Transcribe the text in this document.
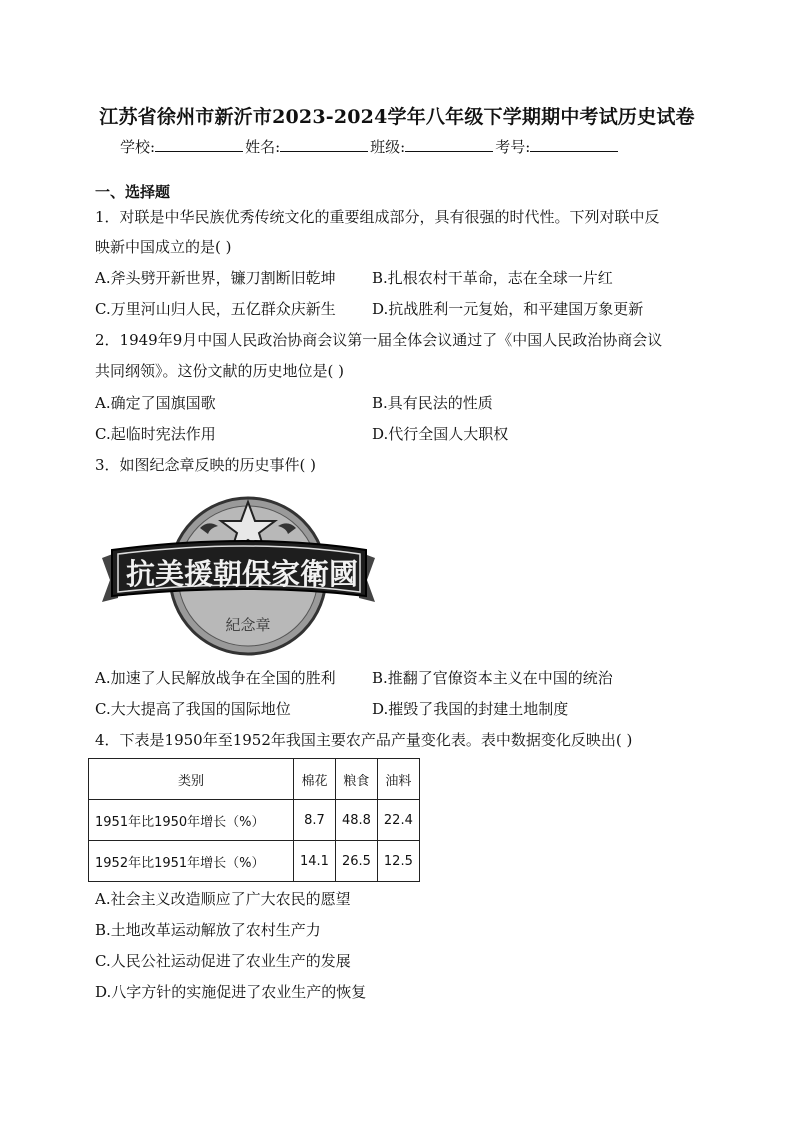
江苏省徐州市新沂市2023-2024学年八年级下学期期中考试历史试卷
学校:	姓名:	班级:	考号:
一、选择题
1．对联是中华民族优秀传统文化的重要组成部分，具有很强的时代性。下列对联中反
映新中国成立的是( )
A.斧头劈开新世界，镰刀割断旧乾坤 B.扎根农村干革命，志在全球一片红
C.万里河山归人民，五亿群众庆新生 D.抗战胜利一元复始，和平建国万象更新
2．1949年9月中国人民政治协商会议第一届全体会议通过了《中国人民政治协商会议
共同纲领》。这份文献的历史地位是( )
A.确定了国旗国歌	B.具有民法的性质
C.起临时宪法作用	D.代行全国人大职权
3．如图纪念章反映的历史事件( )
抗美援朝保家衛國
紀念章
A.加速了人民解放战争在全国的胜利 B.推翻了官僚资本主义在中国的统治
C.大大提高了我国的国际地位	D.摧毁了我国的封建土地制度
4．下表是1950年至1952年我国主要农产品产量变化表。表中数据变化反映出( )
类别	棉花	粮食	油料
1951年比1950年增长（%）	8.7	48.8	22.4
1952年比1951年增长（%）	14.1	26.5	12.5
A.社会主义改造顺应了广大农民的愿望
B.土地改革运动解放了农村生产力
C.人民公社运动促进了农业生产的发展
D.八字方针的实施促进了农业生产的恢复
